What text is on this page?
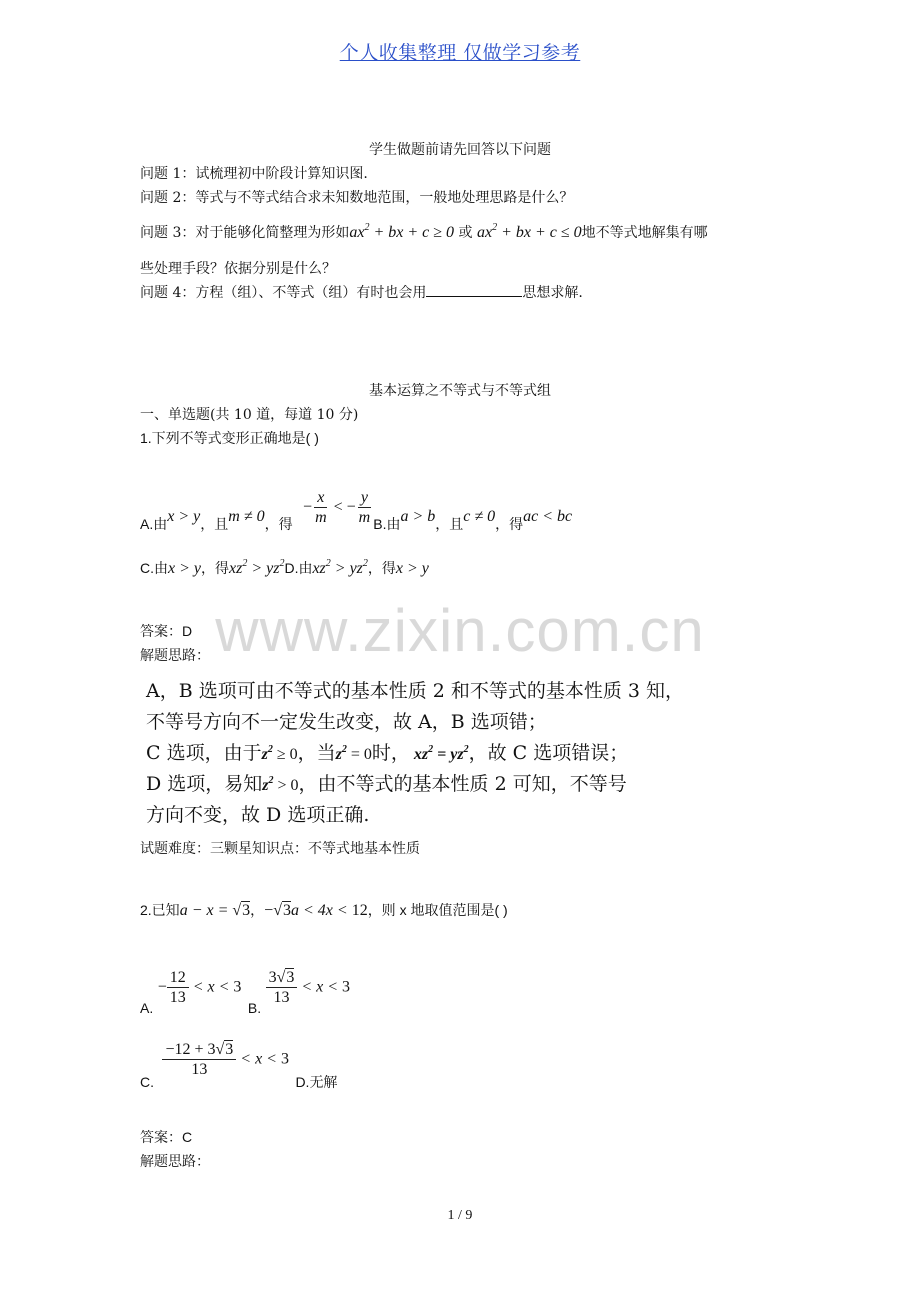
个人收集整理 仅做学习参考
学生做题前请先回答以下问题
问题 1：试梳理初中阶段计算知识图.
问题 2：等式与不等式结合求未知数地范围，一般地处理思路是什么？
问题 3：对于能够化简整理为形如$ax^2$ + bx + c ≥ 0 或 $ax^2$ + bx + c ≤ 0地不等式地解集有哪
些处理手段？依据分别是什么？
问题 4：方程（组）、不等式（组）有时也会用	思想求解.
基本运算之不等式与不等式组
一、单选题(共 10 道，每道 10 分)
1.下列不等式变形正确地是( )
A.由x > y，且m ≠ 0，得 − $\frac{x}{m}$ < − $\frac{y}{m} B$.由a > b，且c ≠ 0，得ac < bc
C.由x > y，得$xz^2 > yz^2D$.由$xz^2 > yz^2$，得x > y
www.zixin.com.cn
答案：D
解题思路：
A，B 选项可由不等式的基本性质 2 和不等式的基本性质 3 知，
不等号方向不一定发生改变，故 A，B 选项错；
C 选项，由于$z^2 \ge 0$，当$z^2 = 0$时， $xz^2 = yz^2$，故 C 选项错误；
D 选项，易知$z^2 > 0$，由不等式的基本性质 2 可知，不等号
方向不变，故 D 选项正确.
试题难度：三颗星知识点：不等式地基本性质
2.已知a − x = √3，−√3a < 4x < 12，则 x 地取值范围是( )
A. − $\frac{12}{13} < x < 3$ B.
$\frac{3√3}{13} < x < 3$
C.
$\frac{-12 + 3√3}{13} < x < 3$ D.无解
答案：C
解题思路：
1 / 9
